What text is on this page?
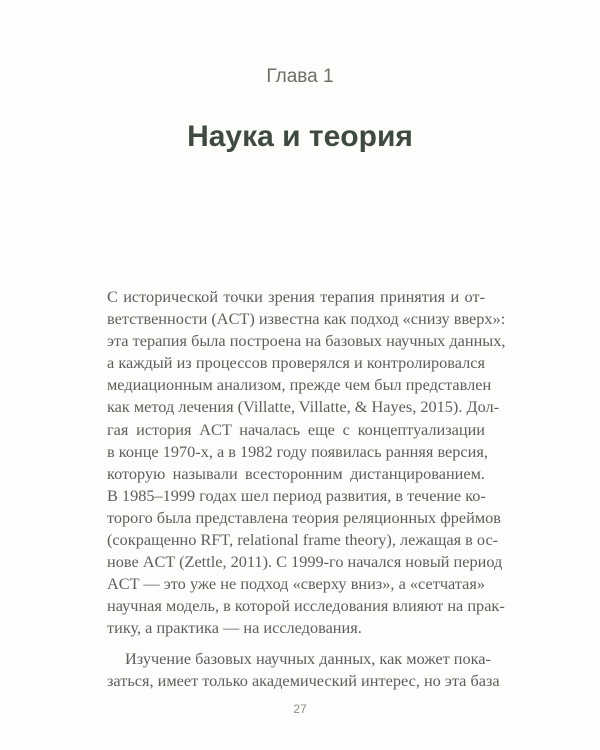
Глава 1
Наука и теория
С исторической точки зрения терапия принятия и от-
ветственности (ACT) известна как подход «снизу вверх»:
эта терапия была построена на базовых научных данных,
а каждый из процессов проверялся и контролировался
медиационным анализом, прежде чем был представлен
как метод лечения (Villatte, Villatte, & Hayes, 2015). Дол-
гая история ACT началась еще с концептуализации
в конце 1970-х, а в 1982 году появилась ранняя версия,
которую называли всесторонним дистанцированием.
В 1985–1999 годах шел период развития, в течение ко-
торого была представлена теория реляционных фреймов
(сокращенно RFT, relational frame theory), лежащая в ос-
нове ACT (Zettle, 2011). С 1999-го начался новый период
ACT — это уже не подход «сверху вниз», а «сетчатая»
научная модель, в которой исследования влияют на прак-
тику, а практика — на исследования.
Изучение базовых научных данных, как может пока-
заться, имеет только академический интерес, но эта база
27
